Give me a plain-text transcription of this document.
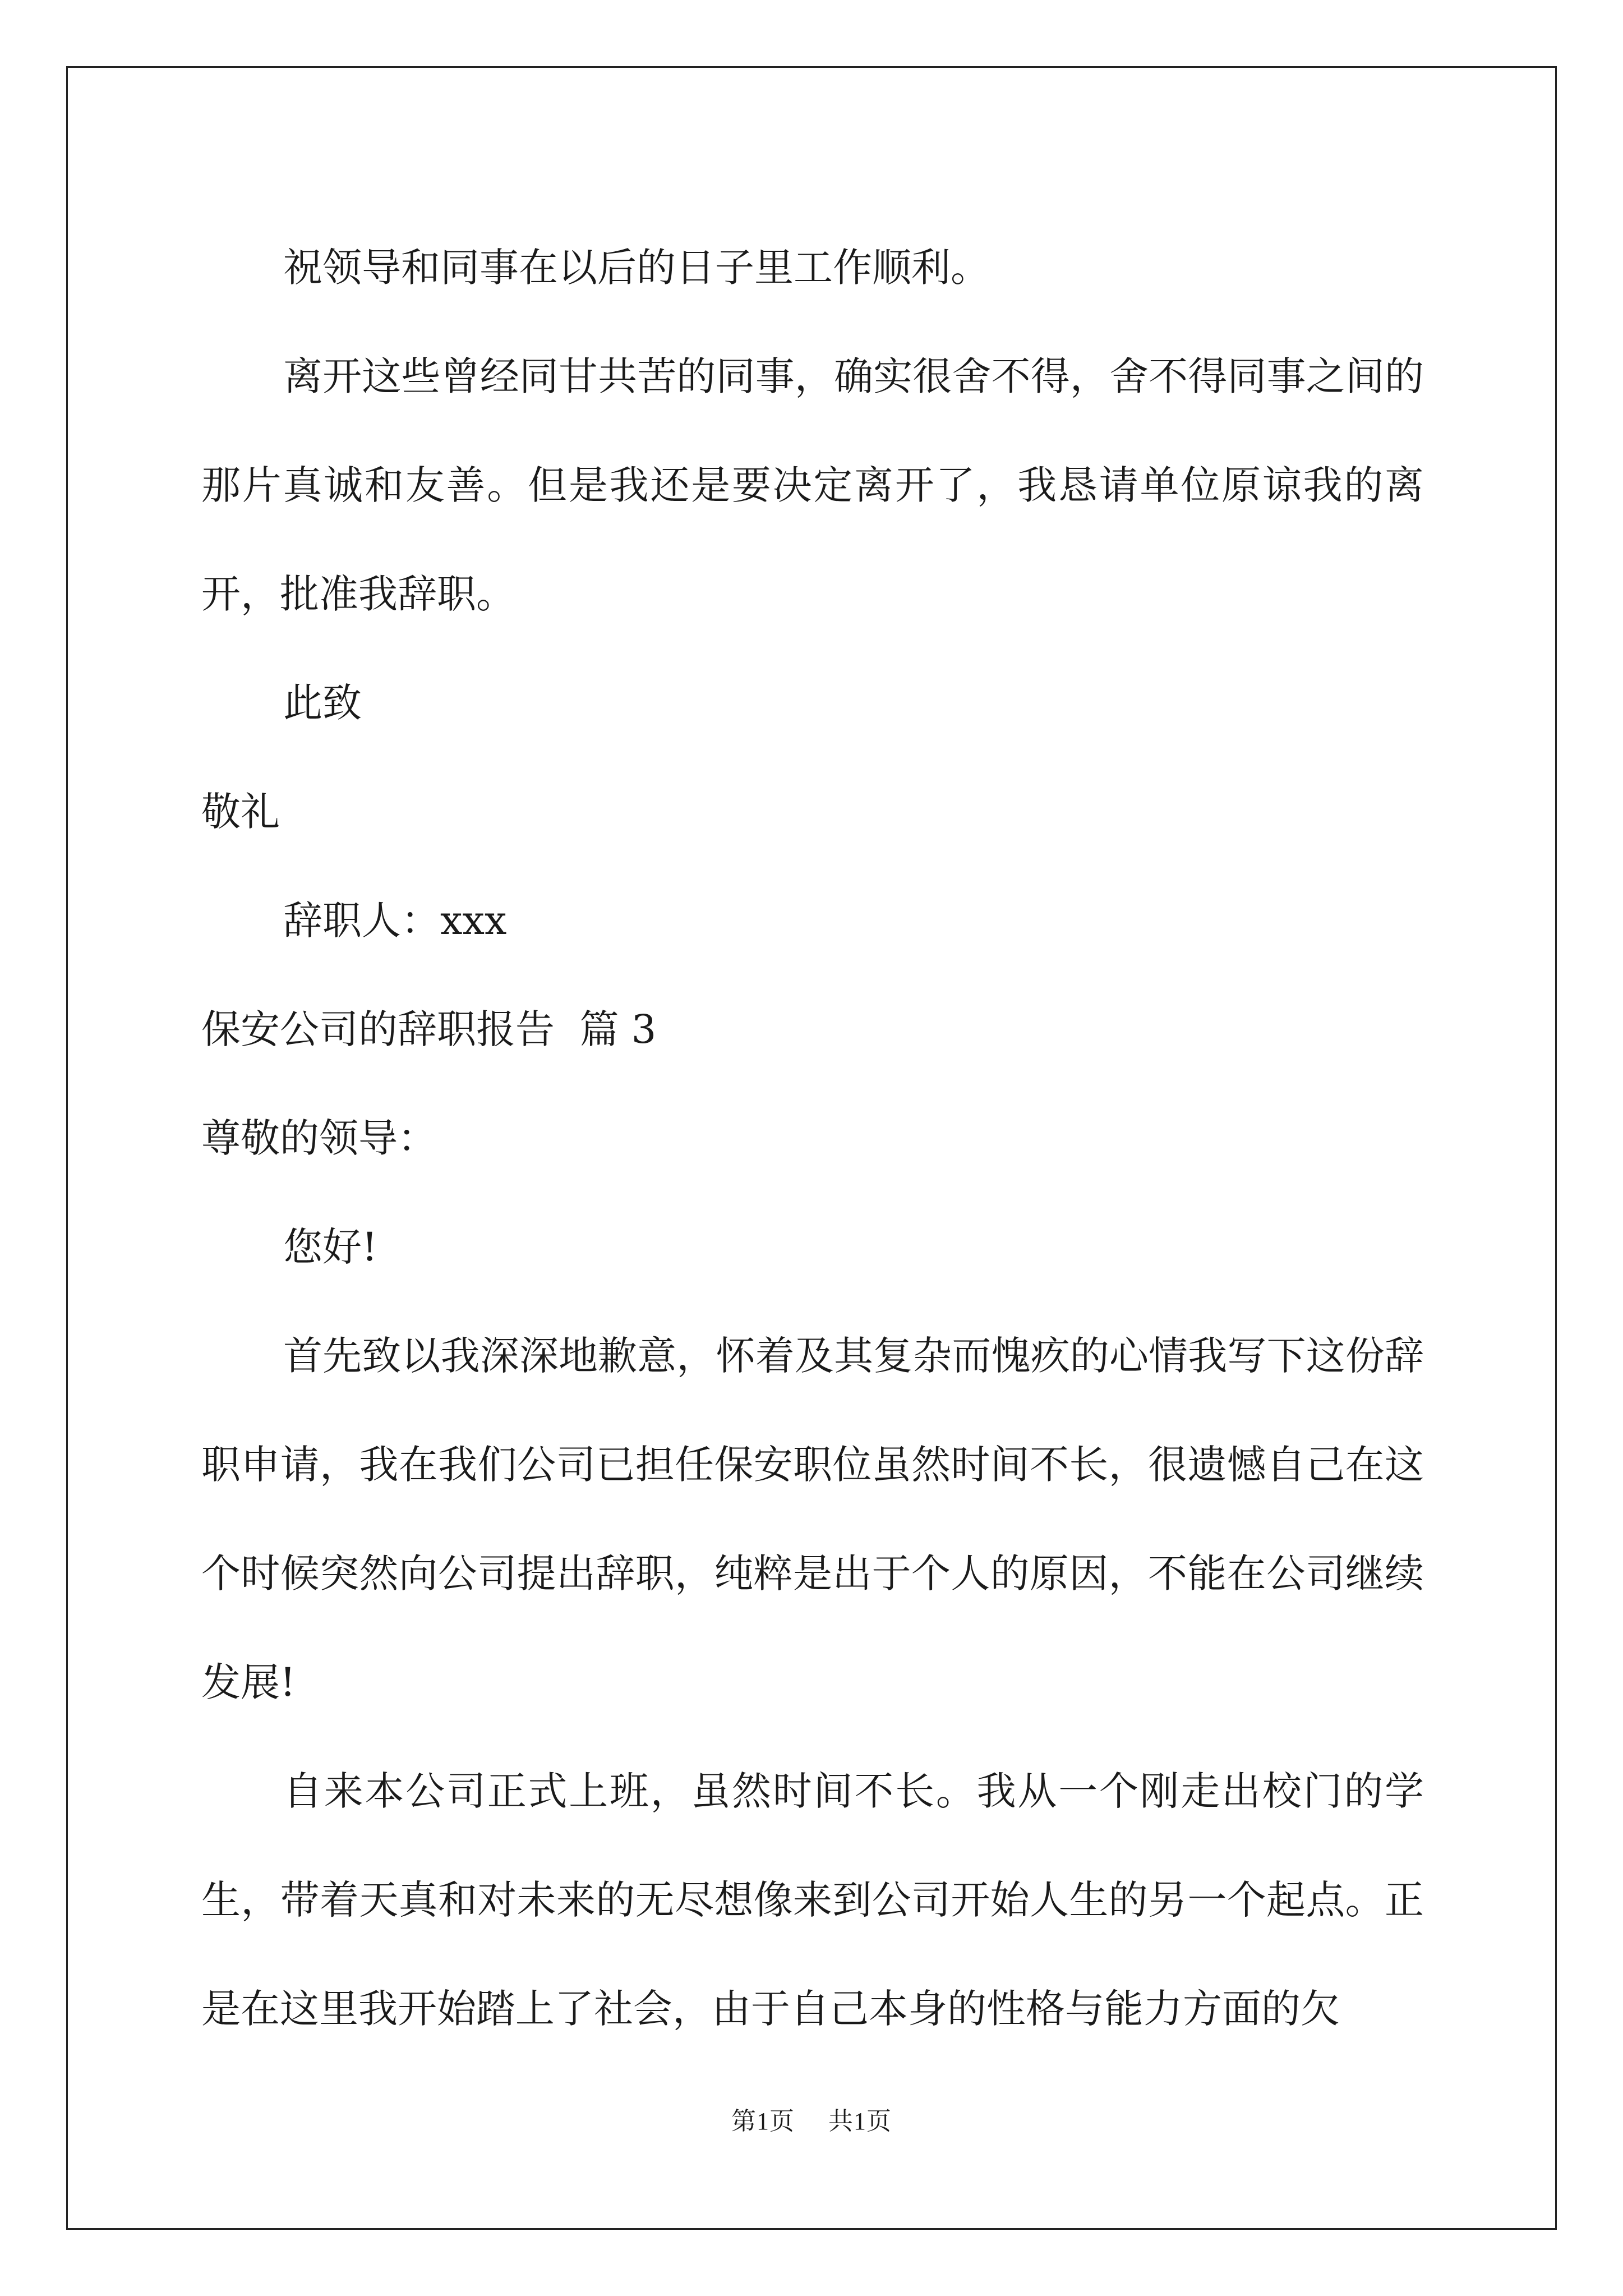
祝领导和同事在以后的日子里工作顺利。

离开这些曾经同甘共苦的同事，确实很舍不得，舍不得同事之间的那片真诚和友善。但是我还是要决定离开了，我恳请单位原谅我的离开，批准我辞职。

此致

敬礼

辞职人：xxx

保安公司的辞职报告  篇 3

尊敬的领导：

您好!

首先致以我深深地歉意，怀着及其复杂而愧疚的心情我写下这份辞职申请，我在我们公司已担任保安职位虽然时间不长，很遗憾自己在这个时候突然向公司提出辞职，纯粹是出于个人的原因，不能在公司继续发展!

自来本公司正式上班，虽然时间不长。我从一个刚走出校门的学生，带着天真和对未来的无尽想像来到公司开始人生的另一个起点。正是在这里我开始踏上了社会，由于自己本身的性格与能力方面的欠

第1页 共1页
